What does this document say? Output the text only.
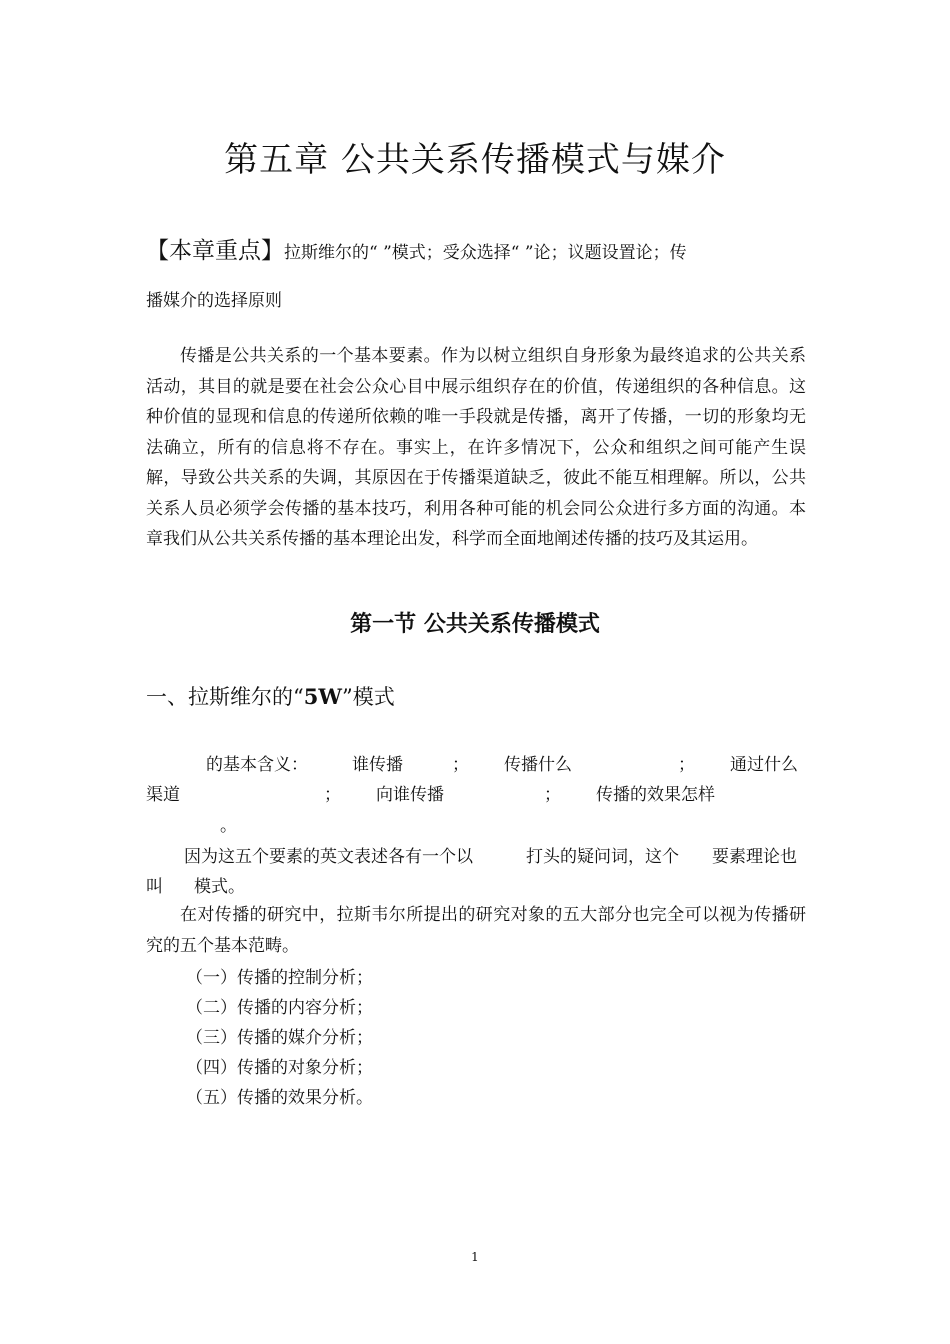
第五章 公共关系传播模式与媒介
【本章重点】拉斯维尔的“ ”模式；受众选择“ ”论；议题设置论；传
播媒介的选择原则
传播是公共关系的一个基本要素。作为以树立组织自身形象为最终追求的公共关系活动，其目的就是要在社会公众心目中展示组织存在的价值，传递组织的各种信息。这种价值的显现和信息的传递所依赖的唯一手段就是传播，离开了传播，一切的形象均无法确立，所有的信息将不存在。事实上，在许多情况下，公众和组织之间可能产生误解，导致公共关系的失调，其原因在于传播渠道缺乏，彼此不能互相理解。所以，公共关系人员必须学会传播的基本技巧，利用各种可能的机会同公众进行多方面的沟通。本章我们从公共关系传播的基本理论出发，科学而全面地阐述传播的技巧及其运用。
第一节 公共关系传播模式
一、拉斯维尔的“5W”模式
的基本含义：	谁传播	； 传播什么	； 通过什么
渠道	； 向谁传播	； 传播的效果怎样
。
因为这五个要素的英文表述各有一个以	打头的疑问词，这个 要素理论也
叫 模式。
在对传播的研究中，拉斯韦尔所提出的研究对象的五大部分也完全可以视为传播研究的五个基本范畴。
（一）传播的控制分析；
（二）传播的内容分析；
（三）传播的媒介分析；
（四）传播的对象分析；
（五）传播的效果分析。
1
